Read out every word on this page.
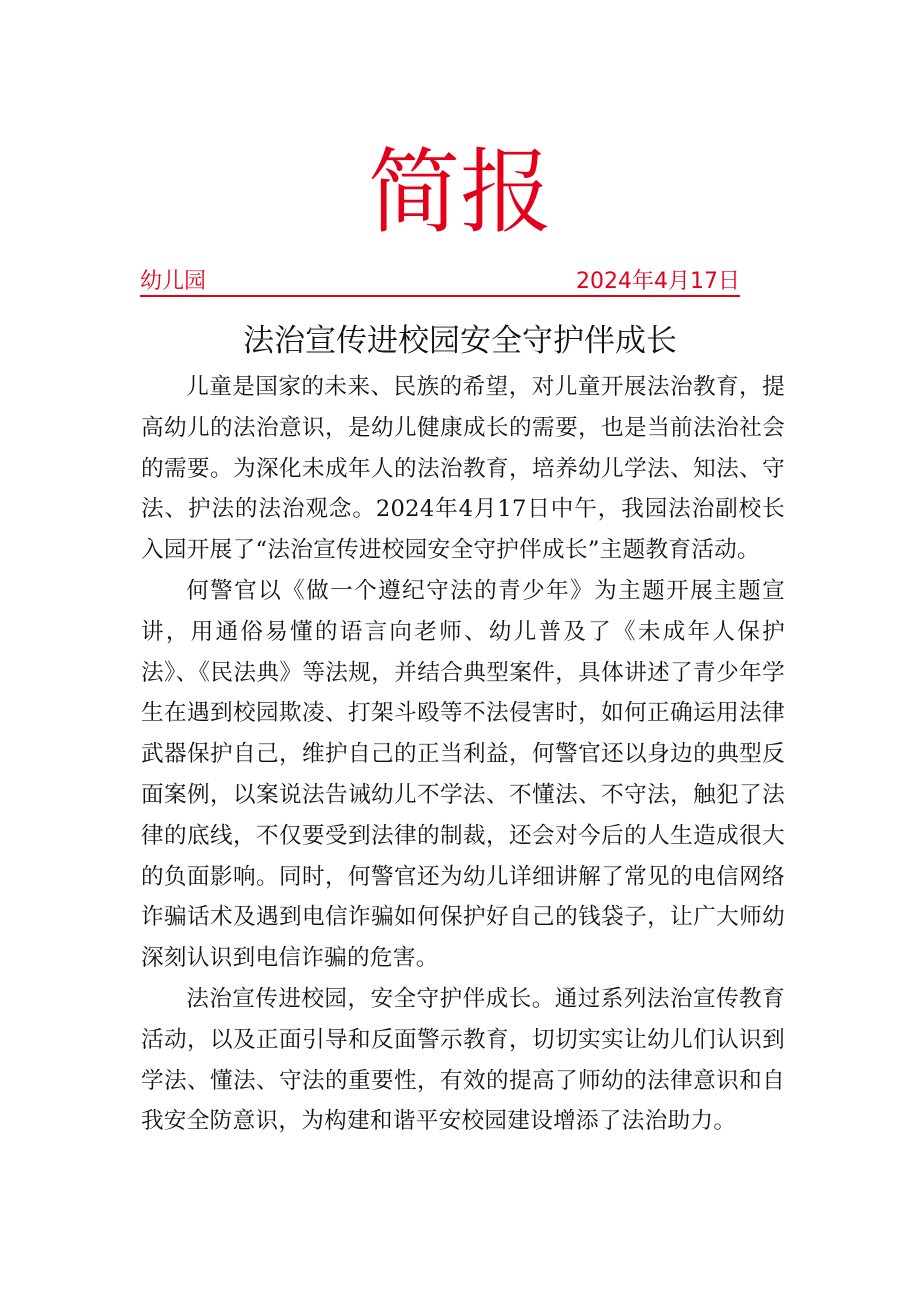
简报
幼儿园	2024年4月17日
法治宣传进校园安全守护伴成长

儿童是国家的未来、民族的希望，对儿童开展法治教育，提高幼儿的法治意识，是幼儿健康成长的需要，也是当前法治社会的需要。为深化未成年人的法治教育，培养幼儿学法、知法、守法、护法的法治观念。2024年4月17日中午，我园法治副校长入园开展了“法治宣传进校园安全守护伴成长”主题教育活动。

何警官以《做一个遵纪守法的青少年》为主题开展主题宣讲，用通俗易懂的语言向老师、幼儿普及了《未成年人保护法》、《民法典》等法规，并结合典型案件，具体讲述了青少年学生在遇到校园欺凌、打架斗殴等不法侵害时，如何正确运用法律武器保护自己，维护自己的正当利益，何警官还以身边的典型反面案例，以案说法告诫幼儿不学法、不懂法、不守法，触犯了法律的底线，不仅要受到法律的制裁，还会对今后的人生造成很大的负面影响。同时，何警官还为幼儿详细讲解了常见的电信网络诈骗话术及遇到电信诈骗如何保护好自己的钱袋子，让广大师幼深刻认识到电信诈骗的危害。

法治宣传进校园，安全守护伴成长。通过系列法治宣传教育活动，以及正面引导和反面警示教育，切切实实让幼儿们认识到学法、懂法、守法的重要性，有效的提高了师幼的法律意识和自我安全防意识，为构建和谐平安校园建设增添了法治助力。
